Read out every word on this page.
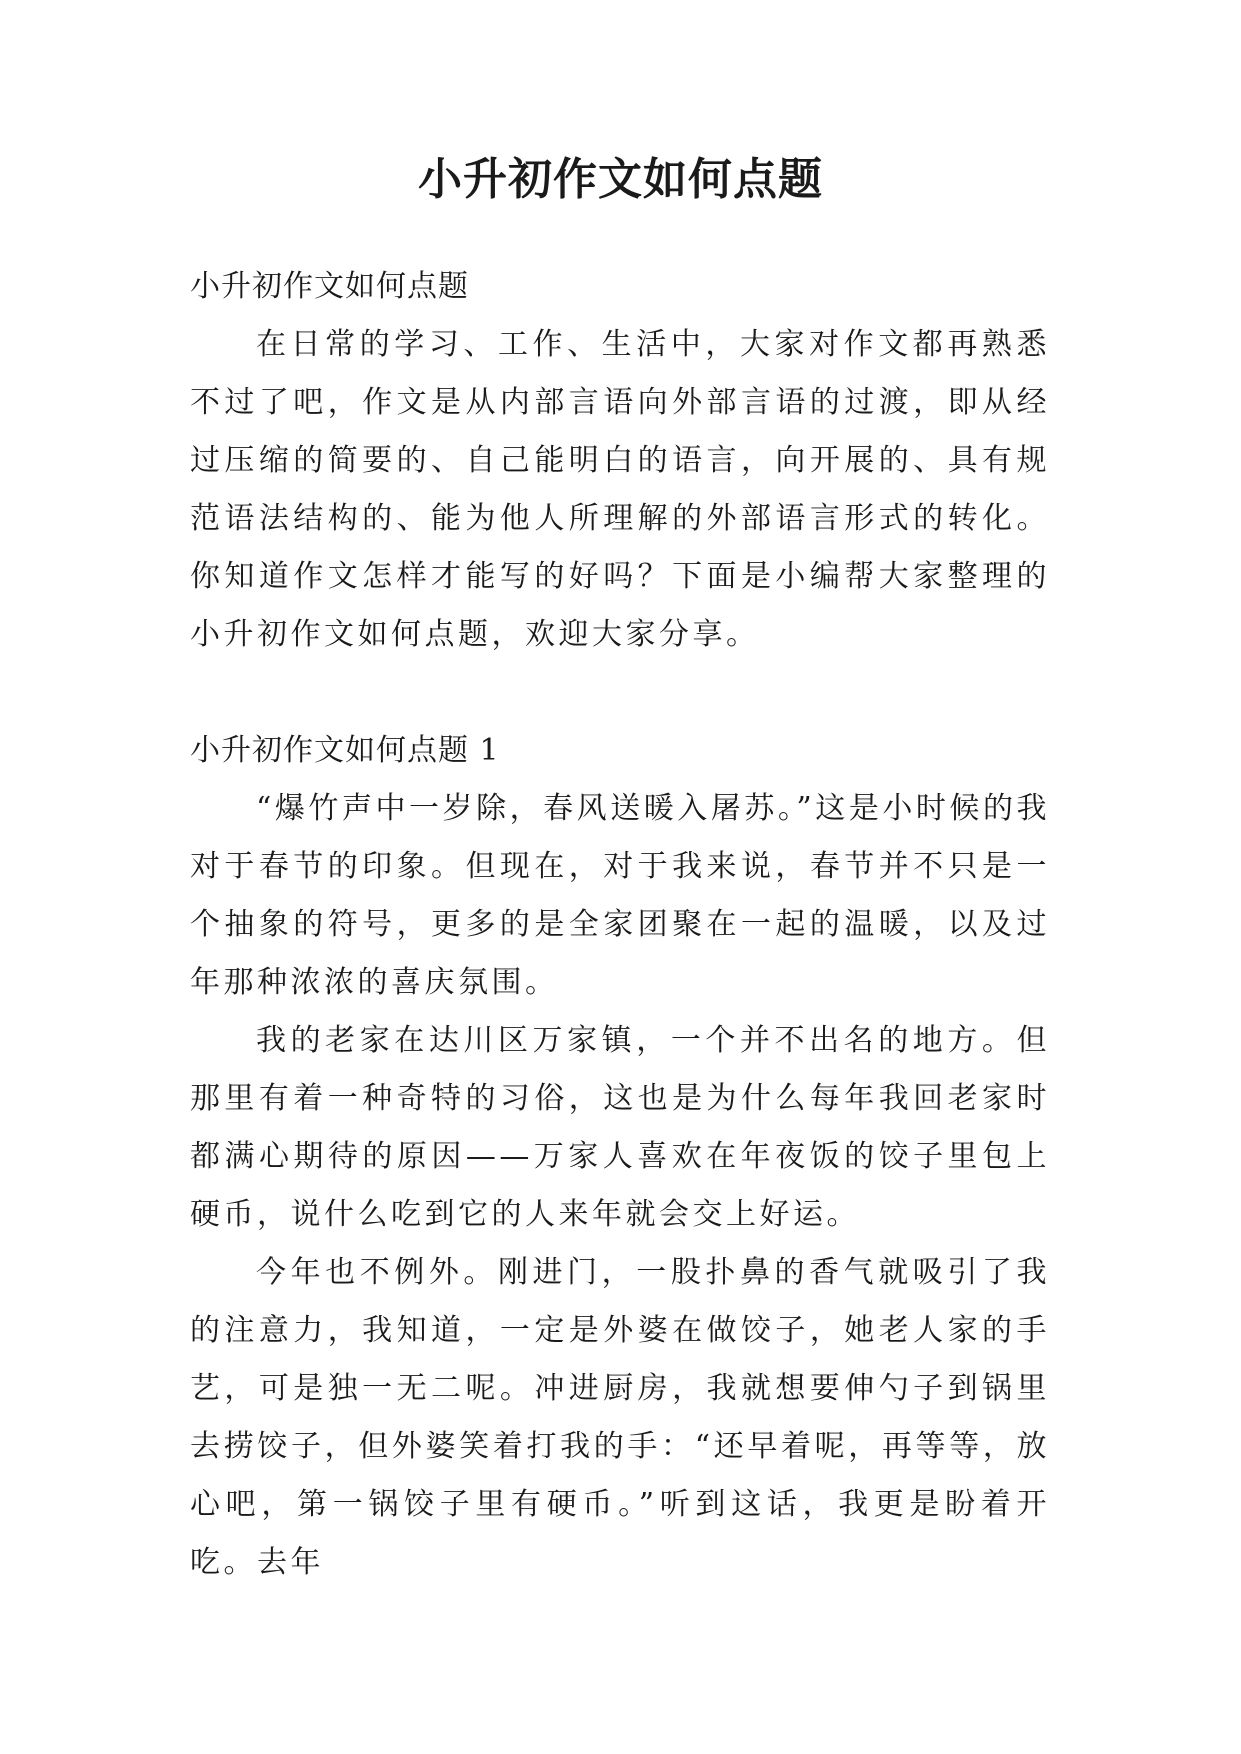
小升初作文如何点题

小升初作文如何点题

在日常的学习、工作、生活中，大家对作文都再熟悉不过了吧，作文是从内部言语向外部言语的过渡，即从经过压缩的简要的、自己能明白的语言，向开展的、具有规范语法结构的、能为他人所理解的外部语言形式的转化。你知道作文怎样才能写的好吗？下面是小编帮大家整理的小升初作文如何点题，欢迎大家分享。

小升初作文如何点题 1

“爆竹声中一岁除，春风送暖入屠苏。”这是小时候的我对于春节的印象。但现在，对于我来说，春节并不只是一个抽象的符号，更多的是全家团聚在一起的温暖，以及过年那种浓浓的喜庆氛围。

我的老家在达川区万家镇，一个并不出名的地方。但那里有着一种奇特的习俗，这也是为什么每年我回老家时都满心期待的原因——万家人喜欢在年夜饭的饺子里包上硬币，说什么吃到它的人来年就会交上好运。

今年也不例外。刚进门，一股扑鼻的香气就吸引了我的注意力，我知道，一定是外婆在做饺子，她老人家的手艺，可是独一无二呢。冲进厨房，我就想要伸勺子到锅里去捞饺子，但外婆笑着打我的手：“还早着呢，再等等，放心吧，第一锅饺子里有硬币。”听到这话，我更是盼着开吃。去年
